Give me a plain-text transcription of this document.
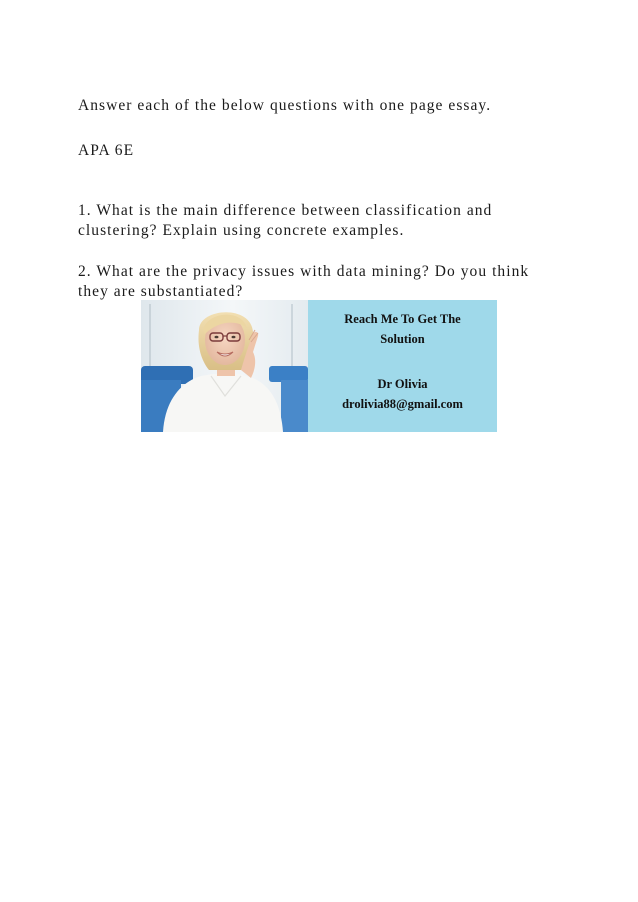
Answer each of the below questions with one page essay.
APA 6E
1. What is the main difference between classification and
clustering? Explain using concrete examples.
2. What are the privacy issues with data mining? Do you think
they are substantiated?
Reach Me To Get The
Solution
Dr Olivia
drolivia88@gmail.com
